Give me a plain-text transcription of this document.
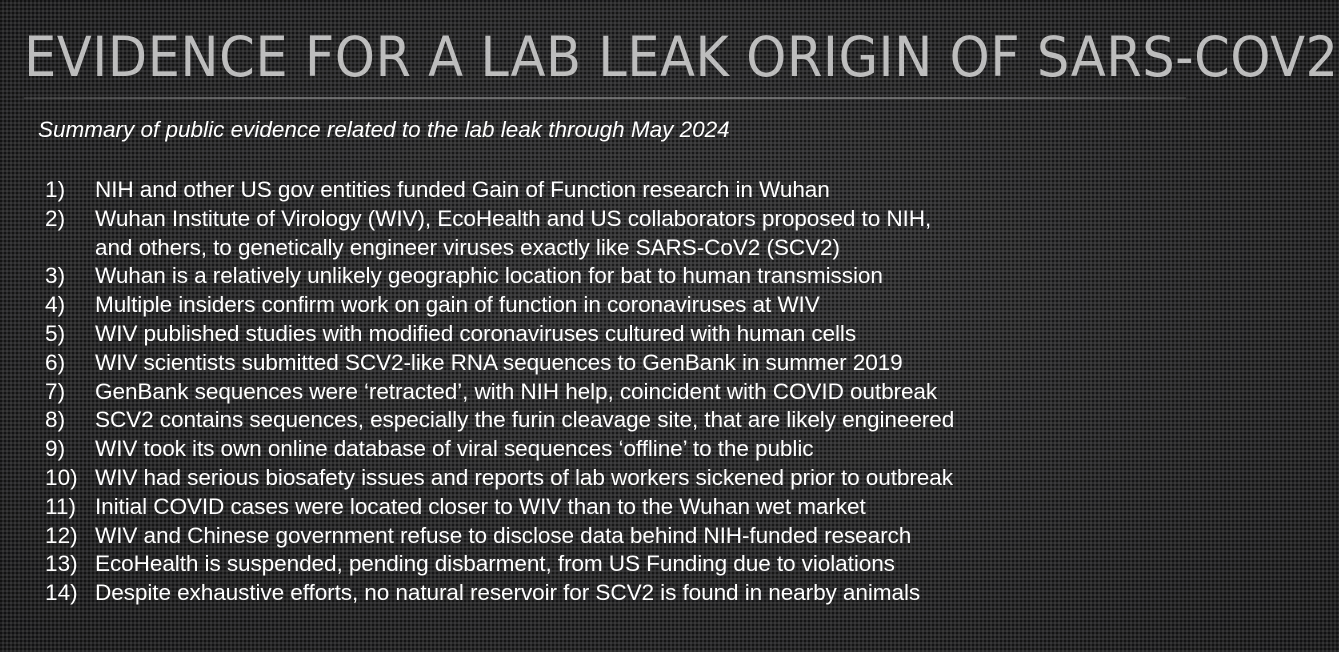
EVIDENCE FOR A LAB LEAK ORIGIN OF SARS-COV2

Summary of public evidence related to the lab leak through May 2024

1)	NIH and other US gov entities funded Gain of Function research in Wuhan
2)	Wuhan Institute of Virology (WIV), EcoHealth and US collaborators proposed to NIH,
and others, to genetically engineer viruses exactly like SARS-CoV2 (SCV2)
3)	Wuhan is a relatively unlikely geographic location for bat to human transmission
4)	Multiple insiders confirm work on gain of function in coronaviruses at WIV
5)	WIV published studies with modified coronaviruses cultured with human cells
6)	WIV scientists submitted SCV2-like RNA sequences to GenBank in summer 2019
7)	GenBank sequences were ‘retracted’, with NIH help, coincident with COVID outbreak
8)	SCV2 contains sequences, especially the furin cleavage site, that are likely engineered
9)	WIV took its own online database of viral sequences ‘offline’ to the public
10) WIV had serious biosafety issues and reports of lab workers sickened prior to outbreak
11) Initial COVID cases were located closer to WIV than to the Wuhan wet market
12) WIV and Chinese government refuse to disclose data behind NIH-funded research
13) EcoHealth is suspended, pending disbarment, from US Funding due to violations
14) Despite exhaustive efforts, no natural reservoir for SCV2 is found in nearby animals
